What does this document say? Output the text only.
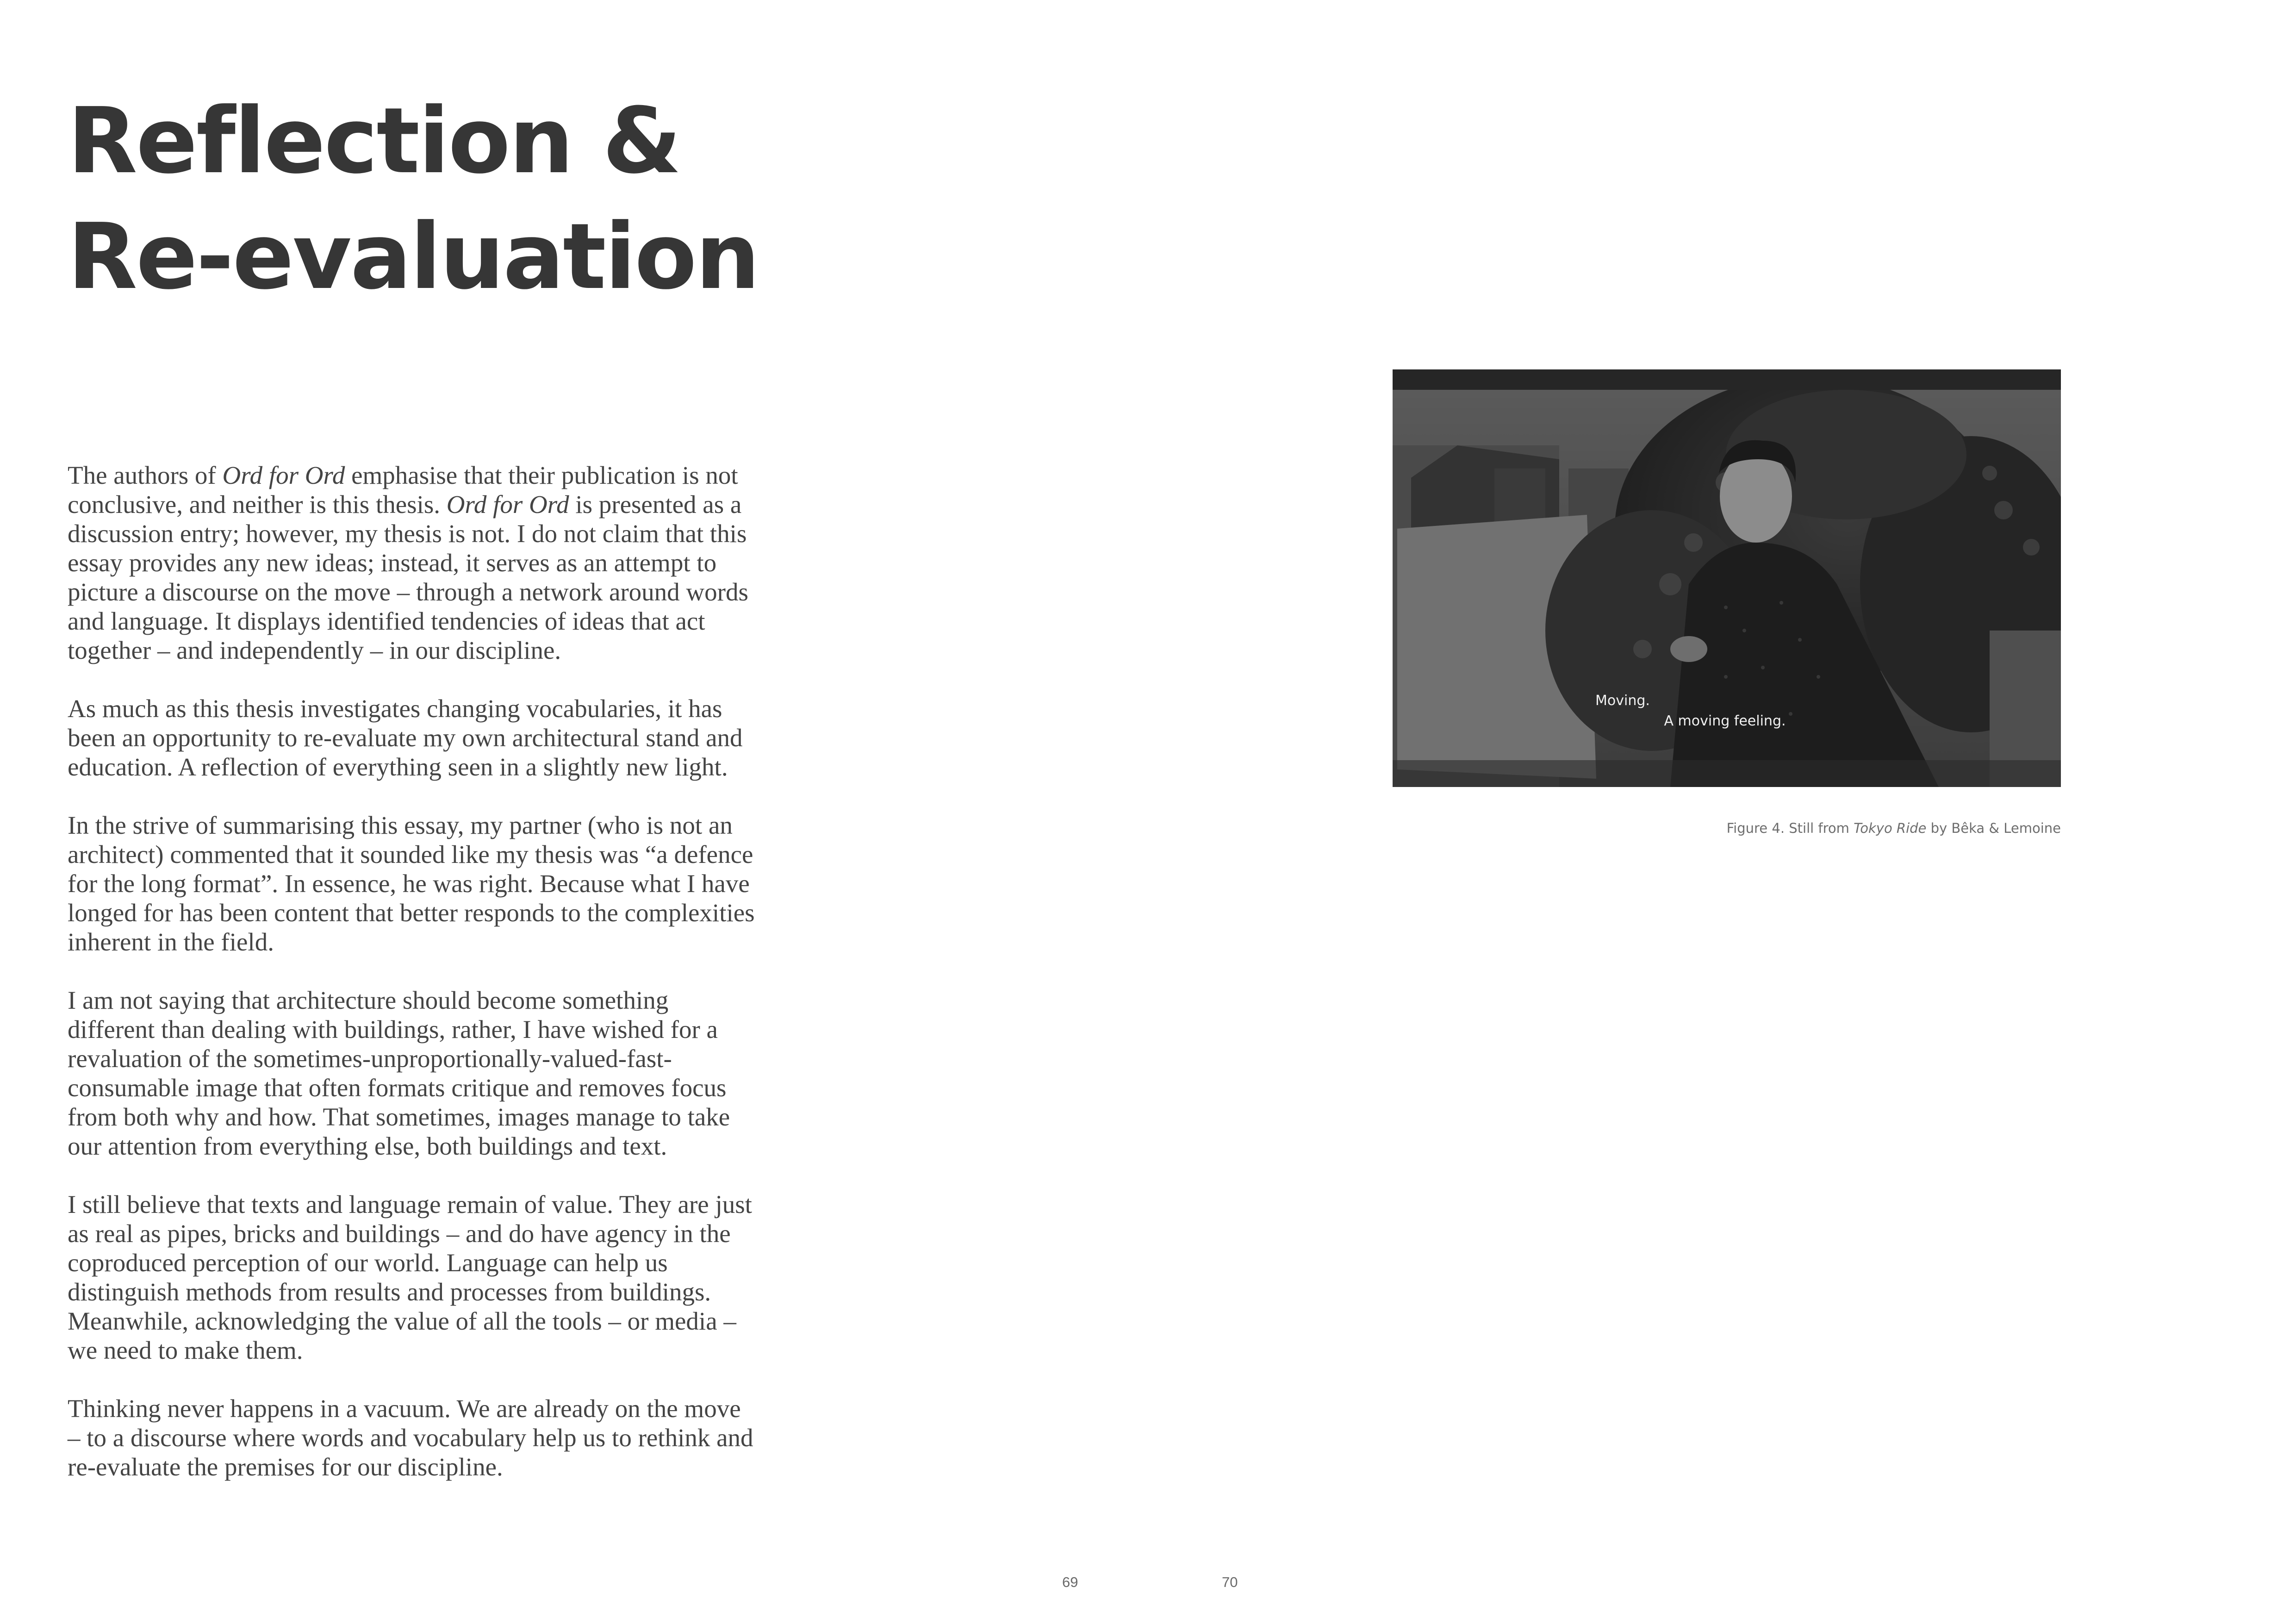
Reflection &
Re-evaluation

The authors of Ord for Ord emphasise that their publication is not conclusive, and neither is this thesis. Ord for Ord is presented as a discussion entry; however, my thesis is not. I do not claim that this essay provides any new ideas; instead, it serves as an attempt to picture a discourse on the move – through a network around words and language. It displays identified tendencies of ideas that act together – and independently – in our discipline.

As much as this thesis investigates changing vocabularies, it has been an opportunity to re-evaluate my own architectural stand and education. A reflection of everything seen in a slightly new light.

In the strive of summarising this essay, my partner (who is not an architect) commented that it sounded like my thesis was “a defence for the long format”. In essence, he was right. Because what I have longed for has been content that better responds to the complexities inherent in the field.

I am not saying that architecture should become something different than dealing with buildings, rather, I have wished for a revaluation of the sometimes-unproportionally-valued-fast-consumable image that often formats critique and removes focus from both why and how. That sometimes, images manage to take our attention from everything else, both buildings and text.

I still believe that texts and language remain of value. They are just as real as pipes, bricks and buildings – and do have agency in the coproduced perception of our world. Language can help us distinguish methods from results and processes from buildings. Meanwhile, acknowledging the value of all the tools – or media – we need to make them.

Thinking never happens in a vacuum. We are already on the move – to a discourse where words and vocabulary help us to rethink and re-evaluate the premises for our discipline.

69	70
Moving.
A moving feeling.
Figure 4. Still from Tokyo Ride by Bêka & Lemoine
